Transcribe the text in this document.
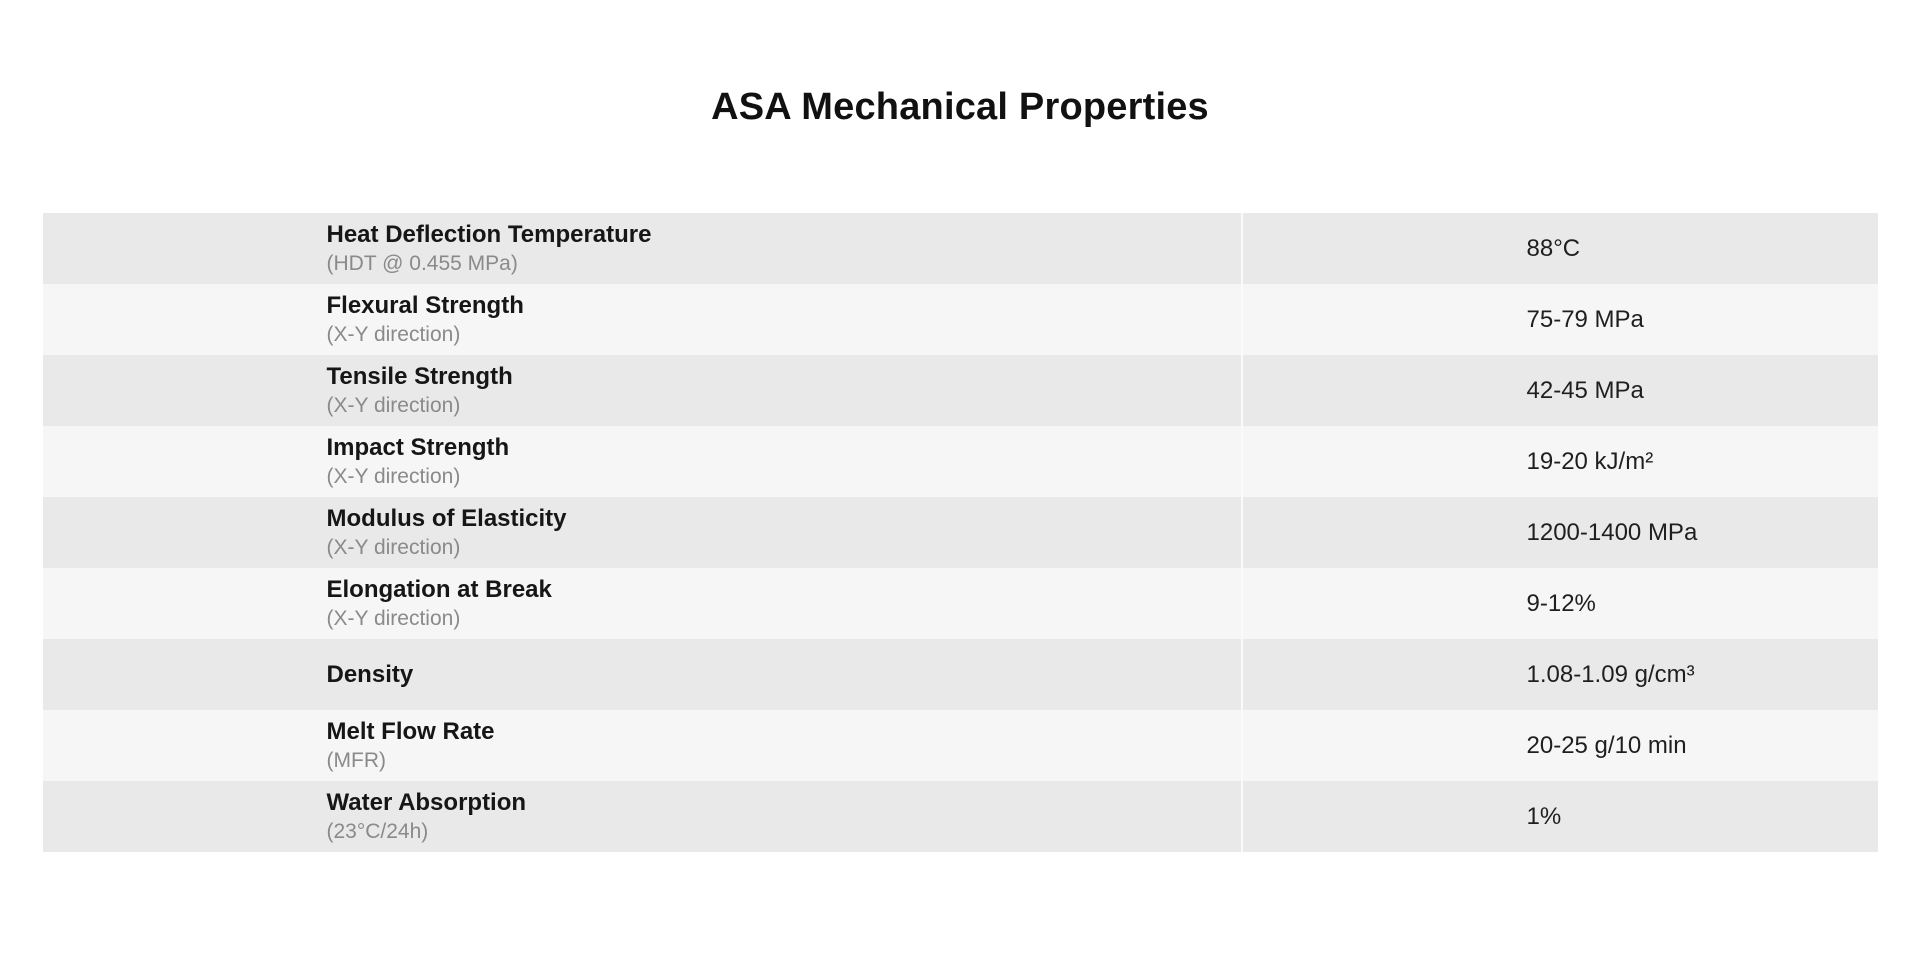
ASA Mechanical Properties
Heat Deflection Temperature
(HDT @ 0.455 MPa)
88°C
Flexural Strength
(X-Y direction)
75-79 MPa
Tensile Strength
(X-Y direction)
42-45 MPa
Impact Strength
(X-Y direction)
19-20 kJ/m²
Modulus of Elasticity
(X-Y direction)
1200-1400 MPa
Elongation at Break
(X-Y direction)
9-12%
Density	1.08-1.09 g/cm³
Melt Flow Rate
(MFR)
20-25 g/10 min
Water Absorption
(23°C/24h)
1%
